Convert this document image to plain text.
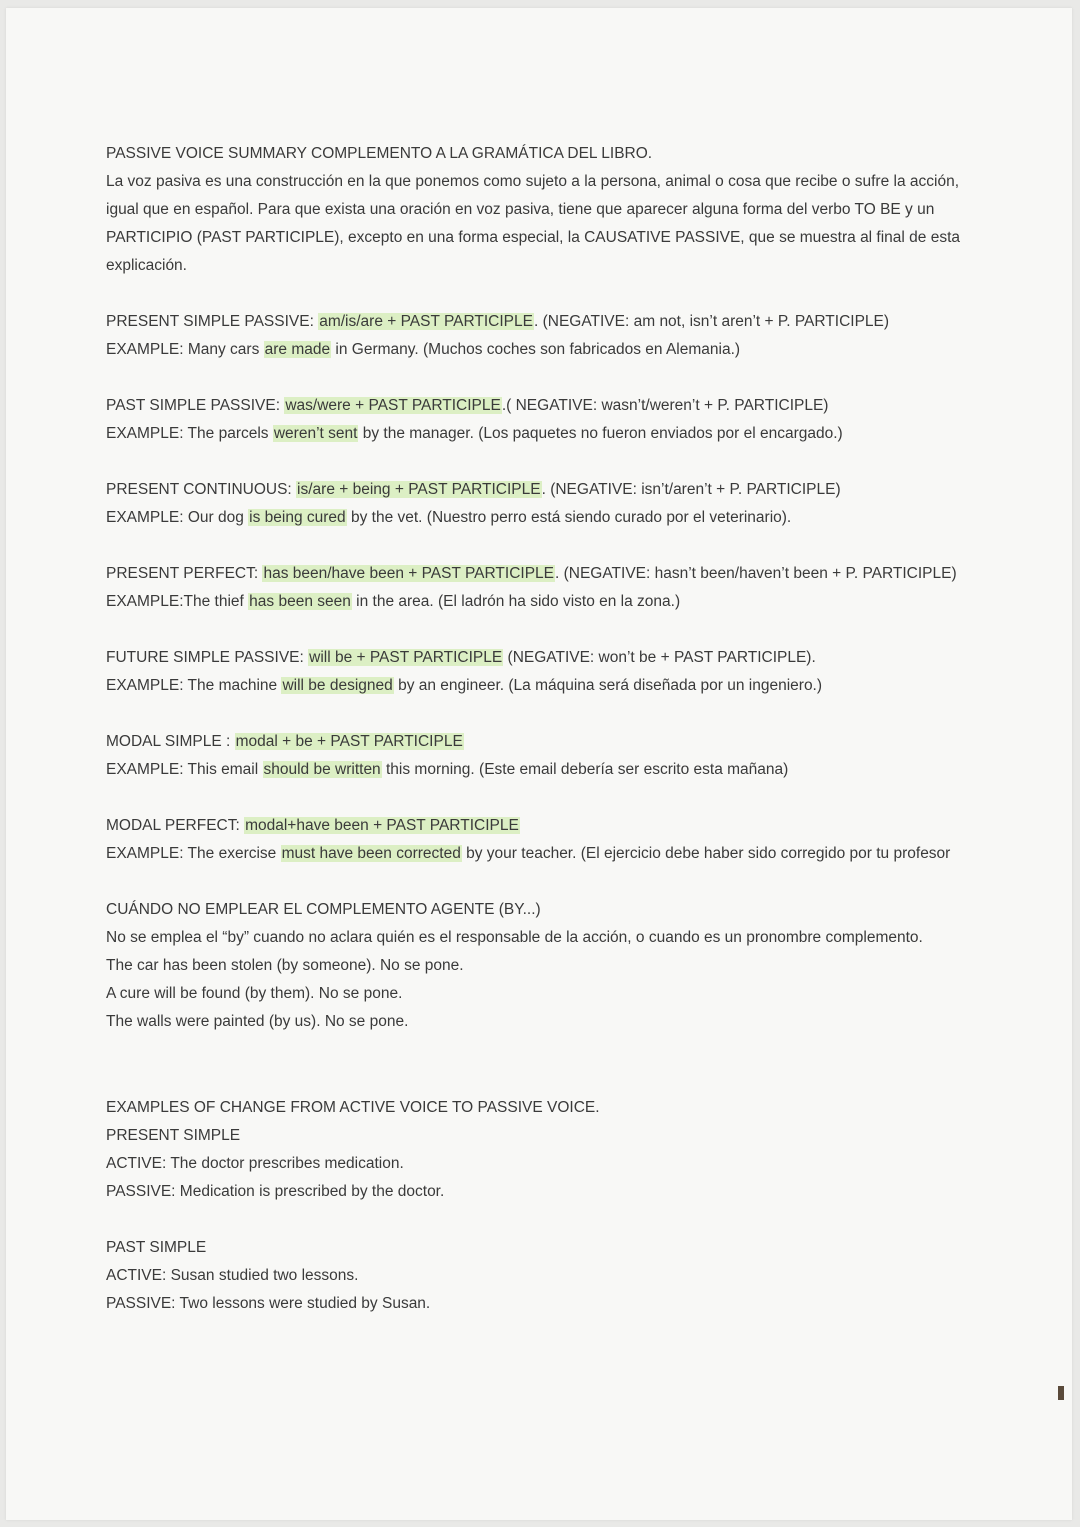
PASSIVE VOICE SUMMARY COMPLEMENTO A LA GRAMÁTICA DEL LIBRO.

La voz pasiva es una construcción en la que ponemos como sujeto a la persona, animal o cosa que recibe o sufre la acción, igual que en español. Para que exista una oración en voz pasiva, tiene que aparecer alguna forma del verbo TO BE y un PARTICIPIO (PAST PARTICIPLE), excepto en una forma especial, la CAUSATIVE PASSIVE, que se muestra al final de esta explicación.

PRESENT SIMPLE PASSIVE: am/is/are + PAST PARTICIPLE. (NEGATIVE: am not, isn’t aren’t + P. PARTICIPLE)
EXAMPLE: Many cars are made in Germany. (Muchos coches son fabricados en Alemania.)
PAST SIMPLE PASSIVE: was/were + PAST PARTICIPLE.( NEGATIVE: wasn’t/weren’t + P. PARTICIPLE)
EXAMPLE: The parcels weren’t sent by the manager. (Los paquetes no fueron enviados por el encargado.)
PRESENT CONTINUOUS: is/are + being + PAST PARTICIPLE. (NEGATIVE: isn’t/aren’t + P. PARTICIPLE)
EXAMPLE: Our dog is being cured by the vet. (Nuestro perro está siendo curado por el veterinario).
PRESENT PERFECT: has been/have been + PAST PARTICIPLE. (NEGATIVE: hasn’t been/haven’t been + P. PARTICIPLE)
EXAMPLE:The thief has been seen in the area. (El ladrón ha sido visto en la zona.)
FUTURE SIMPLE PASSIVE: will be + PAST PARTICIPLE (NEGATIVE: won’t be + PAST PARTICIPLE).
EXAMPLE: The machine will be designed by an engineer. (La máquina será diseñada por un ingeniero.)
MODAL SIMPLE : modal + be + PAST PARTICIPLE
EXAMPLE: This email should be written this morning. (Este email debería ser escrito esta mañana)
MODAL PERFECT: modal+have been + PAST PARTICIPLE
EXAMPLE: The exercise must have been corrected by your teacher. (El ejercicio debe haber sido corregido por tu profesor
CUÁNDO NO EMPLEAR EL COMPLEMENTO AGENTE (BY...)
No se emplea el “by” cuando no aclara quién es el responsable de la acción, o cuando es un pronombre complemento.
The car has been stolen (by someone). No se pone.
A cure will be found (by them). No se pone.
The walls were painted (by us). No se pone.
EXAMPLES OF CHANGE FROM ACTIVE VOICE TO PASSIVE VOICE.
PRESENT SIMPLE
ACTIVE: The doctor prescribes medication.
PASSIVE: Medication is prescribed by the doctor.
PAST SIMPLE
ACTIVE: Susan studied two lessons.
PASSIVE: Two lessons were studied by Susan.
